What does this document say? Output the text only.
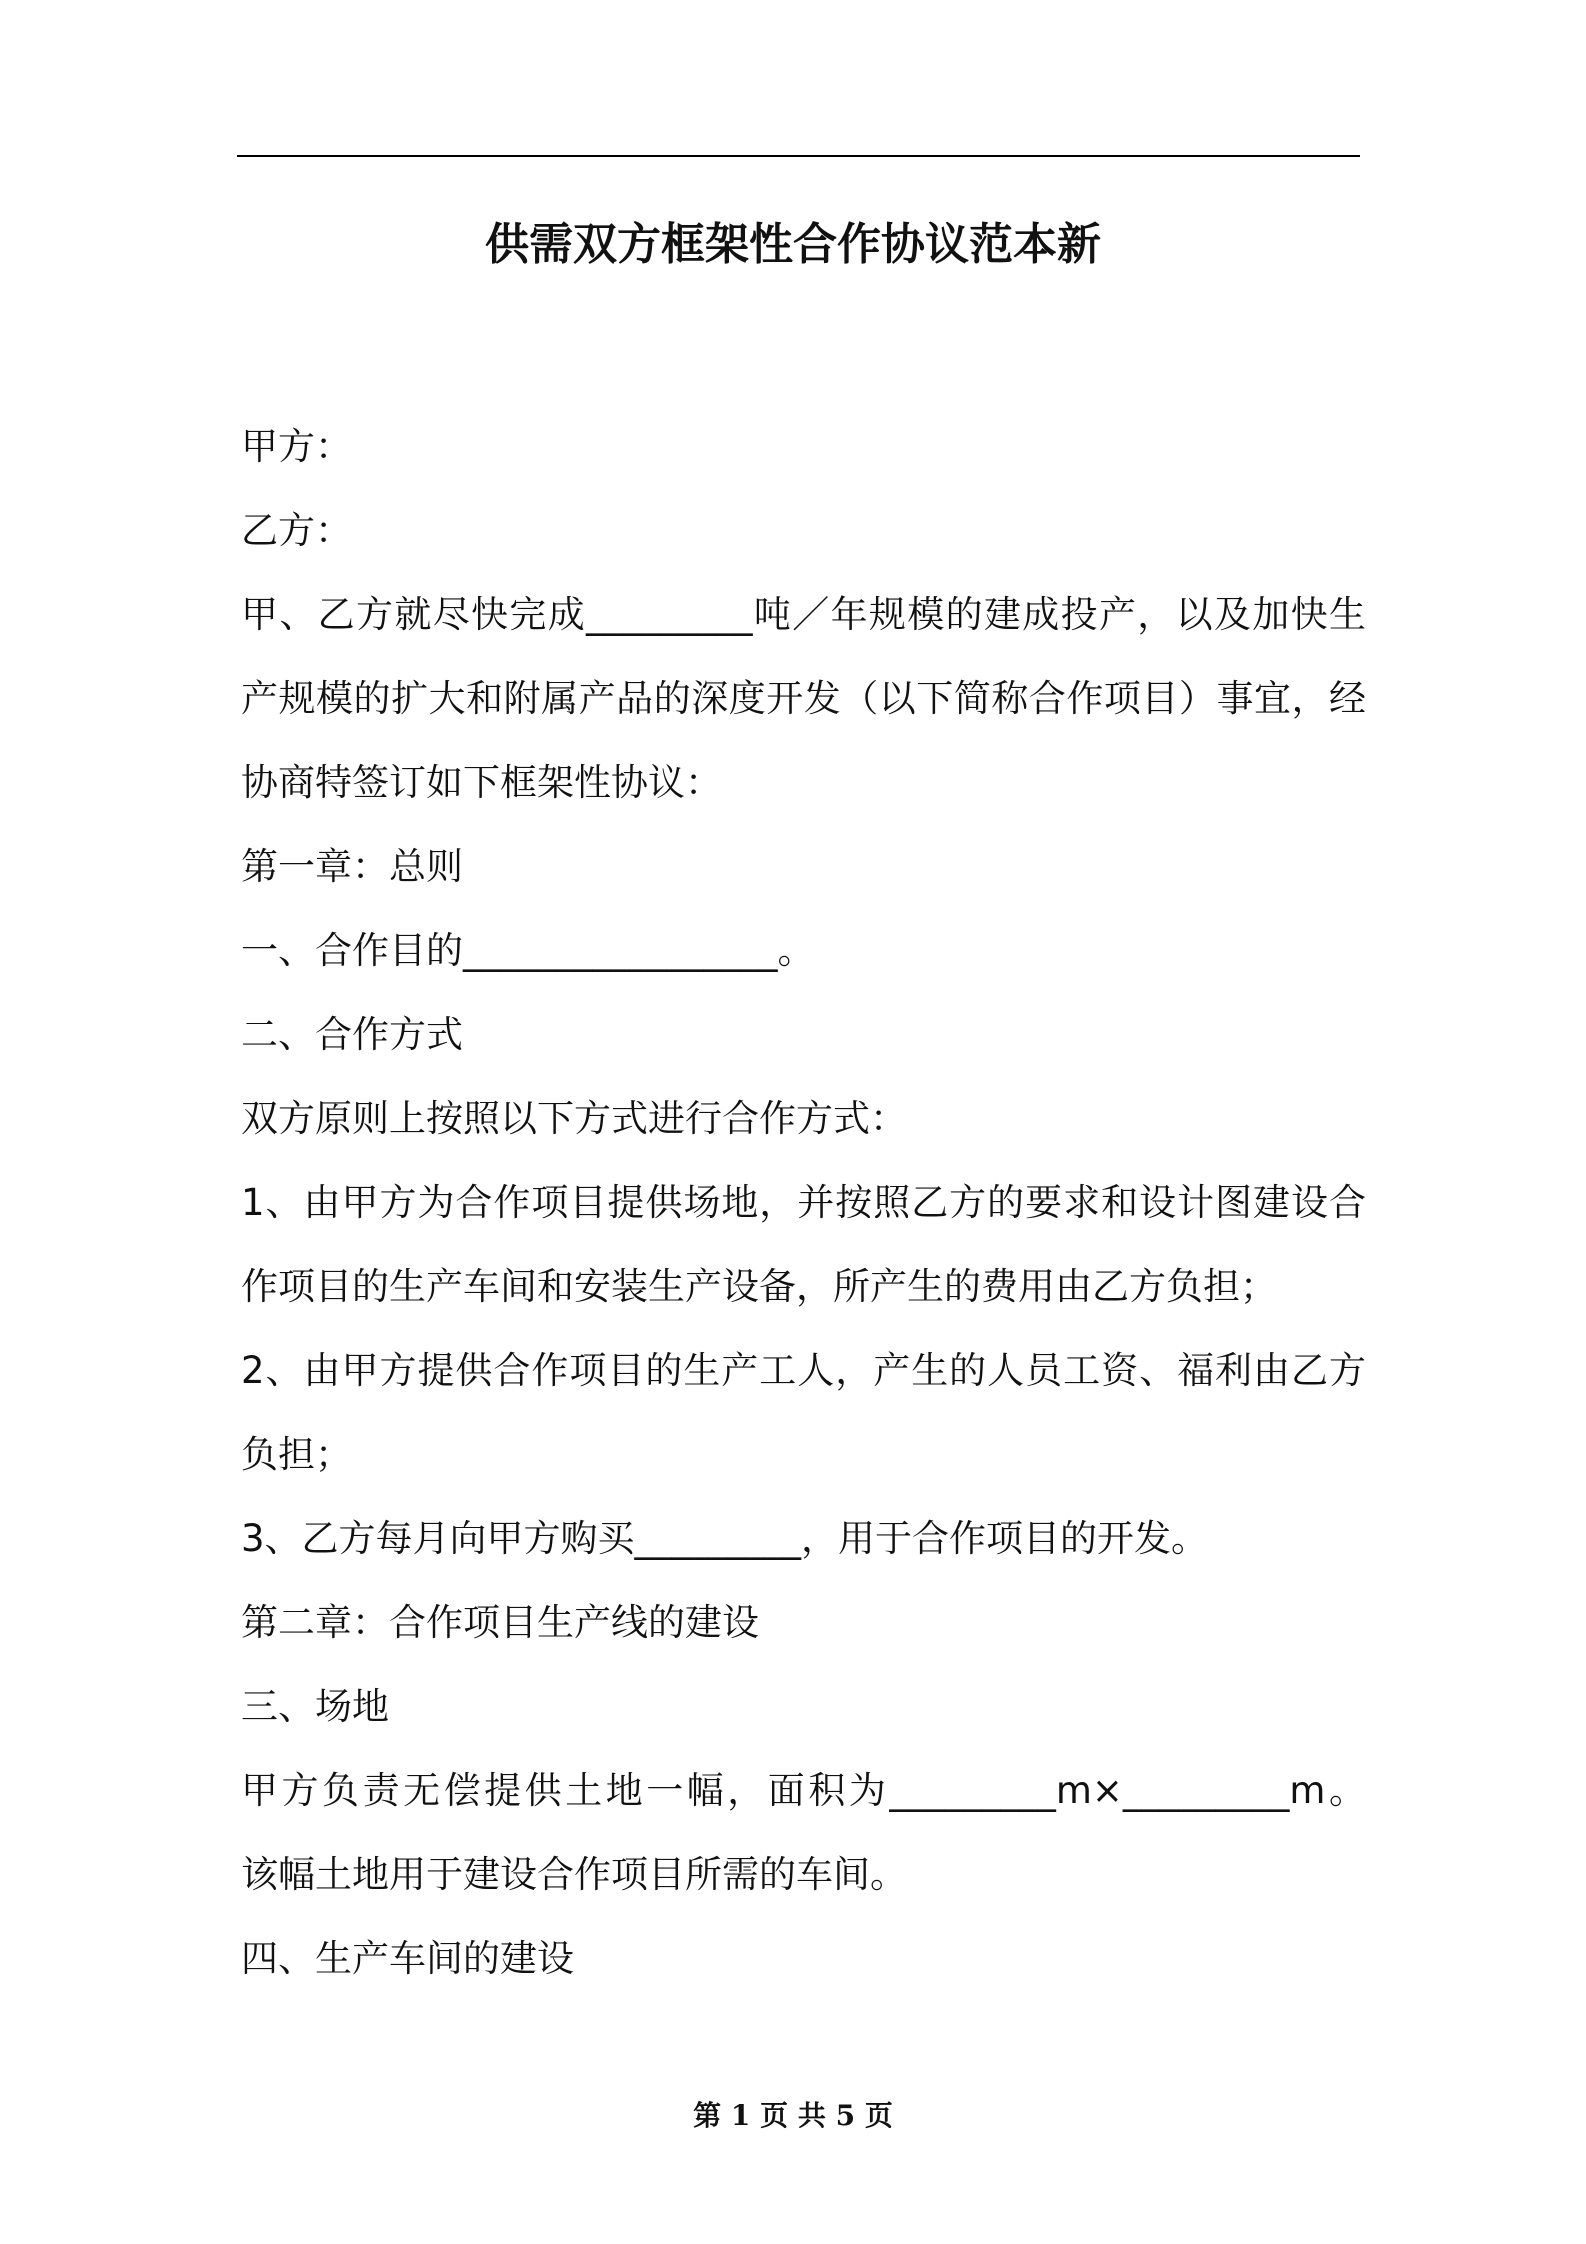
供需双方框架性合作协议范本新
甲方：
乙方：
甲、乙方就尽快完成_________吨／年规模的建成投产，以及加快生
产规模的扩大和附属产品的深度开发（以下简称合作项目）事宜，经
协商特签订如下框架性协议：
第一章：总则
一、合作目的_________________。
二、合作方式
双方原则上按照以下方式进行合作方式：
1、由甲方为合作项目提供场地，并按照乙方的要求和设计图建设合
作项目的生产车间和安装生产设备，所产生的费用由乙方负担；
2、由甲方提供合作项目的生产工人，产生的人员工资、福利由乙方
负担；
3、乙方每月向甲方购买_________，用于合作项目的开发。
第二章：合作项目生产线的建设
三、场地
甲方负责无偿提供土地一幅，面积为_________m×_________m。
该幅土地用于建设合作项目所需的车间。
四、生产车间的建设
第 1 页 共 5 页
